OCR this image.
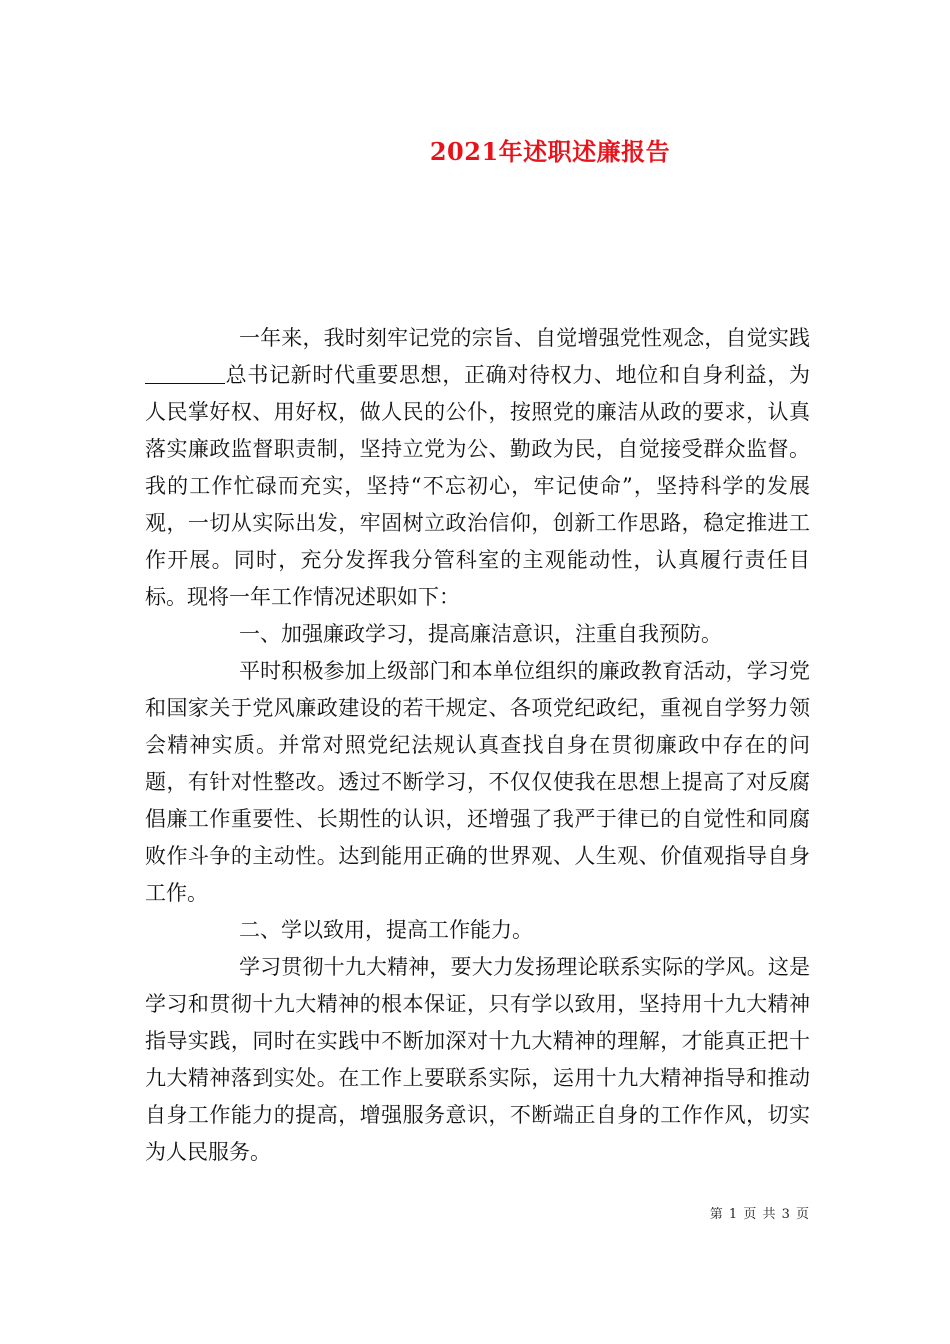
2021年述职述廉报告

一年来，我时刻牢记党的宗旨、自觉增强党性观念，自觉实践总书记新时代重要思想，正确对待权力、地位和自身利益，为人民掌好权、用好权，做人民的公仆，按照党的廉洁从政的要求，认真落实廉政监督职责制，坚持立党为公、勤政为民，自觉接受群众监督。我的工作忙碌而充实，坚持“不忘初心，牢记使命”，坚持科学的发展观，一切从实际出发，牢固树立政治信仰，创新工作思路，稳定推进工作开展。同时，充分发挥我分管科室的主观能动性，认真履行责任目标。现将一年工作情况述职如下：

一、加强廉政学习，提高廉洁意识，注重自我预防。

平时积极参加上级部门和本单位组织的廉政教育活动，学习党和国家关于党风廉政建设的若干规定、各项党纪政纪，重视自学努力领会精神实质。并常对照党纪法规认真查找自身在贯彻廉政中存在的问题，有针对性整改。透过不断学习，不仅仅使我在思想上提高了对反腐倡廉工作重要性、长期性的认识，还增强了我严于律已的自觉性和同腐败作斗争的主动性。达到能用正确的世界观、人生观、价值观指导自身工作。

二、学以致用，提高工作能力。

学习贯彻十九大精神，要大力发扬理论联系实际的学风。这是学习和贯彻十九大精神的根本保证，只有学以致用，坚持用十九大精神指导实践，同时在实践中不断加深对十九大精神的理解，才能真正把十九大精神落到实处。在工作上要联系实际，运用十九大精神指导和推动自身工作能力的提高，增强服务意识，不断端正自身的工作作风，切实为人民服务。

第 1 页 共 3 页
